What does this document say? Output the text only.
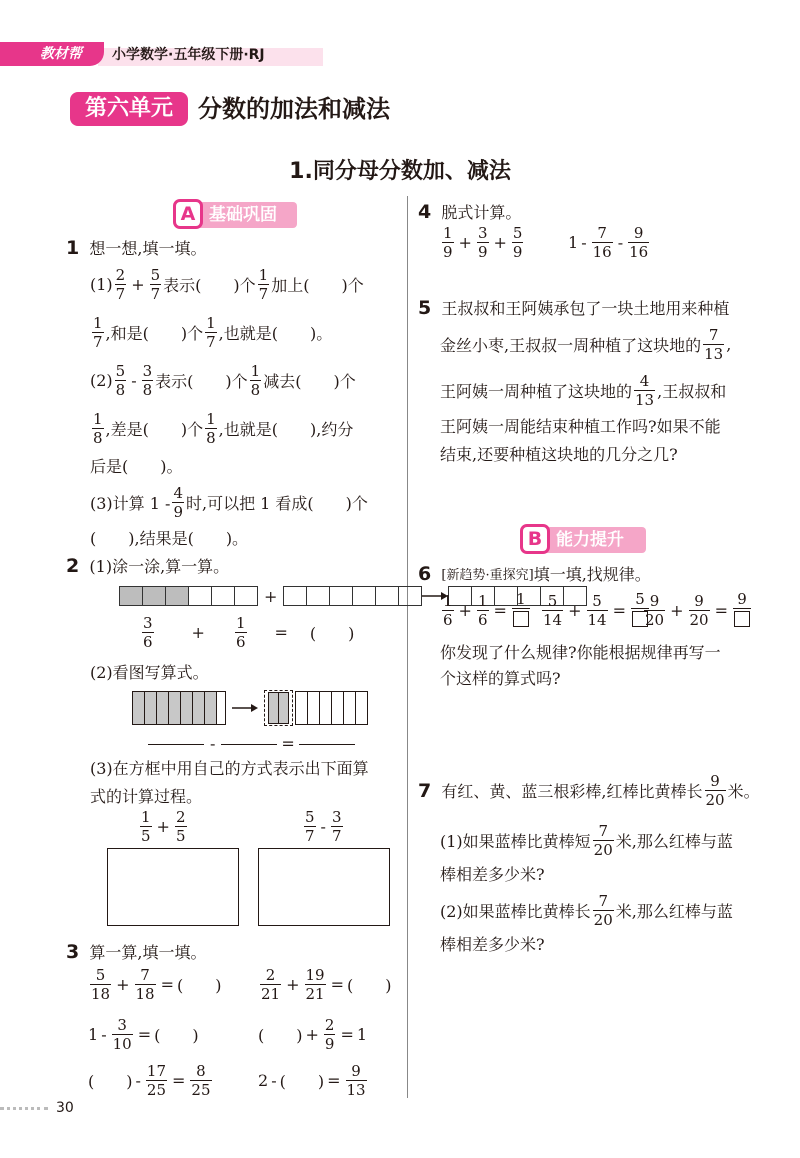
教材帮	小学数学·五年级下册·RJ
第六单元	分数的加法和减法
1.同分母分数加、减法
A 基础巩固
1
想一想,填一填。
$(1) \frac{2}{7} + \frac{5}{7}$ 表示(　　)个 $\frac{1}{7}$ 加上(　　)个
$\frac{1}{7}$ ,和是(　　)个 $\frac{1}{7}$ ,也就是(　　)。
$(2) \frac{5}{8} - \frac{3}{8}$ 表示(　　)个 $\frac{1}{8}$ 减去(　　)个
$\frac{1}{8}$ ,差是(　　)个 $\frac{1}{8}$ ,也就是(　　),约分
后是(　　)。
(3)计算 $1 - \frac{4}{9}$ 时,可以把 1 看成(　　)个
(　　),结果是(　　)。
2
(1)涂一涂,算一算。
+
$\frac{3}{6} + \frac{1}{6}$ = (　　)
(2)看图写算式。
-	=
(3)在方框中用自己的方式表示出下面算
式的计算过程。
$\frac{1}{5} + \frac{2}{5}$	$\frac{5}{7} - \frac{3}{7}$
3
算一算,填一填。
$\frac{5}{18} + \frac{7}{18}$ = (　　)	$\frac{2}{21} + \frac{19}{21}$ = (　　)
$1 - \frac{3}{10}$ = (　　)	(　　) + $\frac{2}{9} = 1$
(　　) - $\frac{17}{25} = \frac{8}{25}$	2 - (　　) = $\frac{9}{13}$
4
脱式计算。
$\frac{1}{9} + \frac{3}{9} + \frac{5}{9}$	$1 - \frac{7}{16} - \frac{9}{16}$
5
王叔叔和王阿姨承包了一块土地用来种植
金丝小枣,王叔叔一周种植了这块地的 $\frac{7}{13}$ ,
王阿姨一周种植了这块地的 $\frac{4}{13}$ ,王叔叔和
王阿姨一周能结束种植工作吗?如果不能
结束,还要种植这块地的几分之几?
B 能力提升
6
[新趋势·重探究] 填一填,找规律。
$\frac{1}{6} + \frac{1}{6}$ =
$1 \frac{5}{14} + \frac{5}{14}$ =
$5 \frac{9}{20} + \frac{9}{20}$ =
9
你发现了什么规律?你能根据规律再写一
个这样的算式吗?
7
有红、黄、蓝三根彩棒,红棒比黄棒长 $\frac{9}{20}$ 米。
(1)如果蓝棒比黄棒短 $\frac{7}{20}$ 米,那么红棒与蓝
棒相差多少米?
(2)如果蓝棒比黄棒长 $\frac{7}{20}$ 米,那么红棒与蓝
棒相差多少米?
30
